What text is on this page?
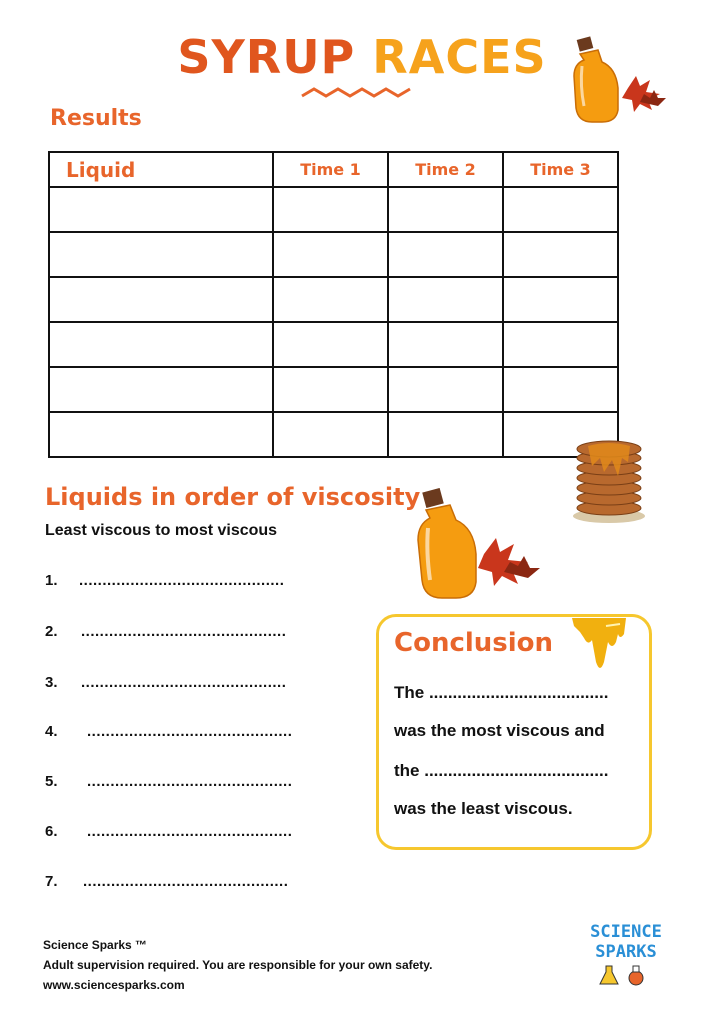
SYRUP RACES
Results
Liquid	Time 1	Time 2	Time 3

Liquids in order of viscosity
Least viscous to most viscous
1. ............................................
2. ............................................
3. ............................................
4. ............................................
5. ............................................
6. ............................................
7. ............................................
Conclusion
The ......................................
was the most viscous and
the .......................................
was the least viscous.
Science Sparks ™
Adult supervision required. You are responsible for your own safety.
www.sciencesparks.com
SCIENCE
SPARKS
